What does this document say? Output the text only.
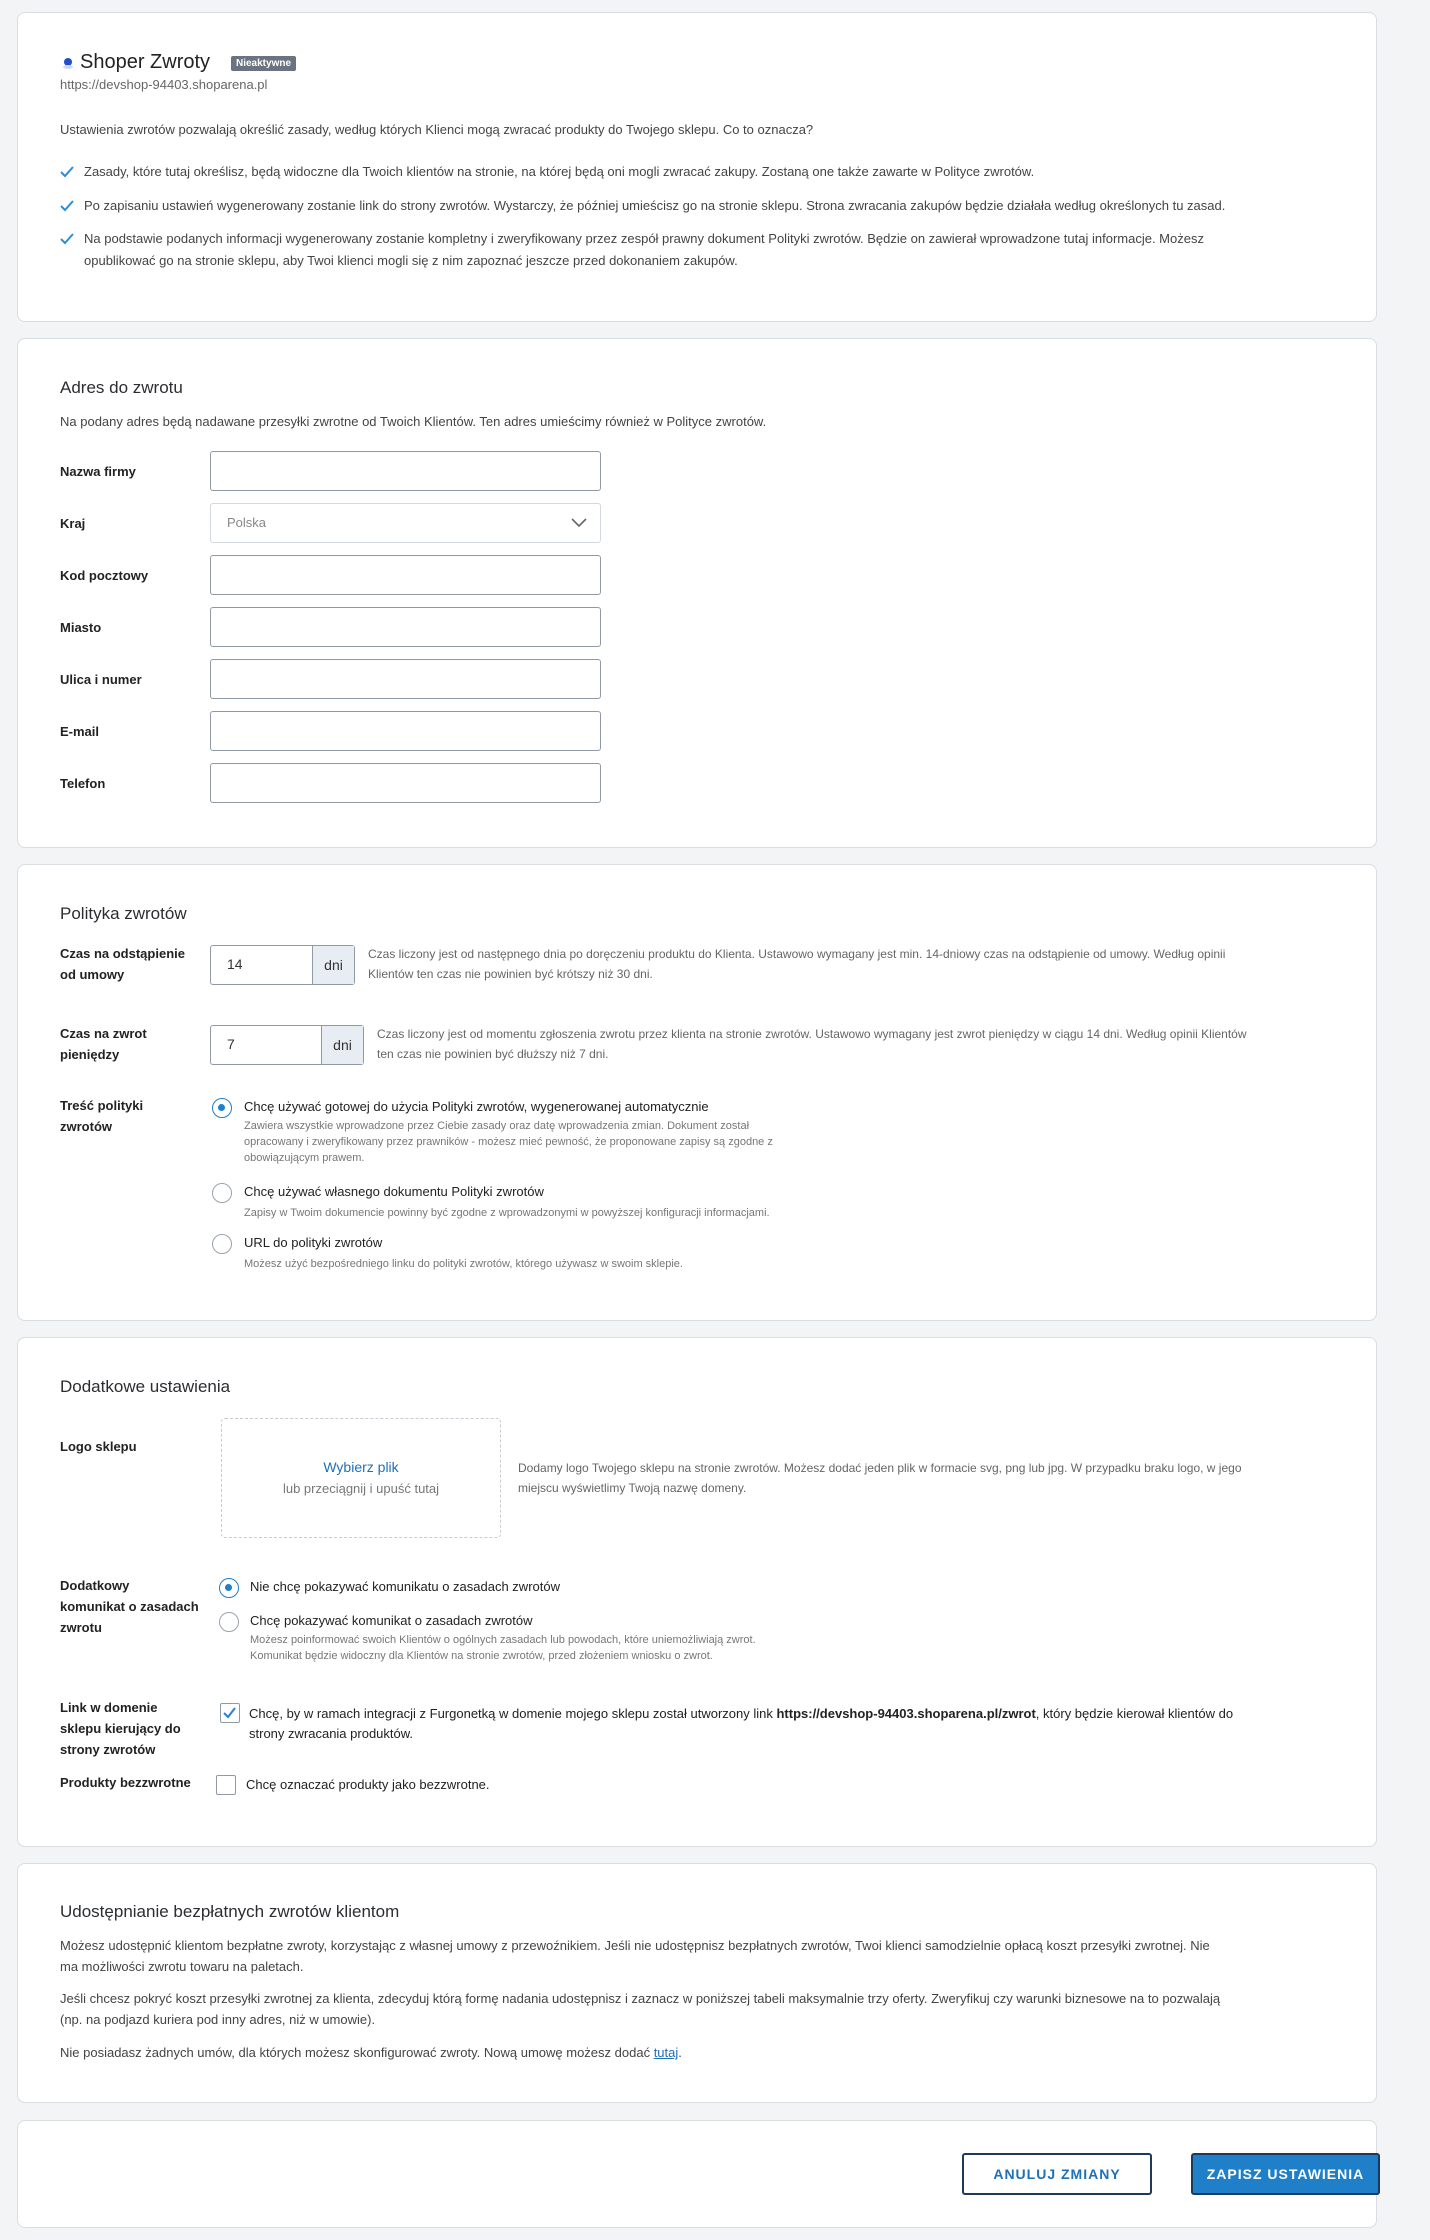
Shoper Zwroty	Nieaktywne
https://devshop-94403.shoparena.pl
Ustawienia zwrotów pozwalają określić zasady, według których Klienci mogą zwracać produkty do Twojego sklepu. Co to oznacza?
Zasady, które tutaj określisz, będą widoczne dla Twoich klientów na stronie, na której będą oni mogli zwracać zakupy. Zostaną one także zawarte w Polityce zwrotów.
Po zapisaniu ustawień wygenerowany zostanie link do strony zwrotów. Wystarczy, że później umieścisz go na stronie sklepu. Strona zwracania zakupów będzie działała według określonych tu zasad.
Na podstawie podanych informacji wygenerowany zostanie kompletny i zweryfikowany przez zespół prawny dokument Polityki zwrotów. Będzie on zawierał wprowadzone tutaj informacje. Możesz
opublikować go na stronie sklepu, aby Twoi klienci mogli się z nim zapoznać jeszcze przed dokonaniem zakupów.
Adres do zwrotu
Na podany adres będą nadawane przesyłki zwrotne od Twoich Klientów. Ten adres umieścimy również w Polityce zwrotów.
Nazwa firmy
Kraj	Polska
Kod pocztowy
Miasto
Ulica i numer
E-mail
Telefon
Polityka zwrotów
Czas na odstąpienie
od umowy
14	dni
Czas liczony jest od następnego dnia po doręczeniu produktu do Klienta. Ustawowo wymagany jest min. 14-dniowy czas na odstąpienie od umowy. Według opinii
Klientów ten czas nie powinien być krótszy niż 30 dni.
Czas na zwrot
pieniędzy
7	dni
Czas liczony jest od momentu zgłoszenia zwrotu przez klienta na stronie zwrotów. Ustawowo wymagany jest zwrot pieniędzy w ciągu 14 dni. Według opinii Klientów
ten czas nie powinien być dłuższy niż 7 dni.
Treść polityki
zwrotów
Chcę używać gotowej do użycia Polityki zwrotów, wygenerowanej automatycznie
Zawiera wszystkie wprowadzone przez Ciebie zasady oraz datę wprowadzenia zmian. Dokument został
opracowany i zweryfikowany przez prawników - możesz mieć pewność, że proponowane zapisy są zgodne z
obowiązującym prawem.
Chcę używać własnego dokumentu Polityki zwrotów
Zapisy w Twoim dokumencie powinny być zgodne z wprowadzonymi w powyższej konfiguracji informacjami.
URL do polityki zwrotów
Możesz użyć bezpośredniego linku do polityki zwrotów, którego używasz w swoim sklepie.
Dodatkowe ustawienia
Logo sklepu
Wybierz plik
lub przeciągnij i upuść tutaj
Dodamy logo Twojego sklepu na stronie zwrotów. Możesz dodać jeden plik w formacie svg, png lub jpg. W przypadku braku logo, w jego
miejscu wyświetlimy Twoją nazwę domeny.
Dodatkowy
komunikat o zasadach
zwrotu
Nie chcę pokazywać komunikatu o zasadach zwrotów
Chcę pokazywać komunikat o zasadach zwrotów
Możesz poinformować swoich Klientów o ogólnych zasadach lub powodach, które uniemożliwiają zwrot.
Komunikat będzie widoczny dla Klientów na stronie zwrotów, przed złożeniem wniosku o zwrot.
Link w domenie
sklepu kierujący do
strony zwrotów
Chcę, by w ramach integracji z Furgonetką w domenie mojego sklepu został utworzony link https://devshop-94403.shoparena.pl/zwrot, który będzie kierował klientów do
strony zwracania produktów.
Produkty bezzwrotne	Chcę oznaczać produkty jako bezzwrotne.
Udostępnianie bezpłatnych zwrotów klientom
Możesz udostępnić klientom bezpłatne zwroty, korzystając z własnej umowy z przewoźnikiem. Jeśli nie udostępnisz bezpłatnych zwrotów, Twoi klienci samodzielnie opłacą koszt przesyłki zwrotnej. Nie
ma możliwości zwrotu towaru na paletach.
Jeśli chcesz pokryć koszt przesyłki zwrotnej za klienta, zdecyduj którą formę nadania udostępnisz i zaznacz w poniższej tabeli maksymalnie trzy oferty. Zweryfikuj czy warunki biznesowe na to pozwalają
(np. na podjazd kuriera pod inny adres, niż w umowie).
Nie posiadasz żadnych umów, dla których możesz skonfigurować zwroty. Nową umowę możesz dodać tutaj.
ANULUJ ZMIANY	ZAPISZ USTAWIENIA
